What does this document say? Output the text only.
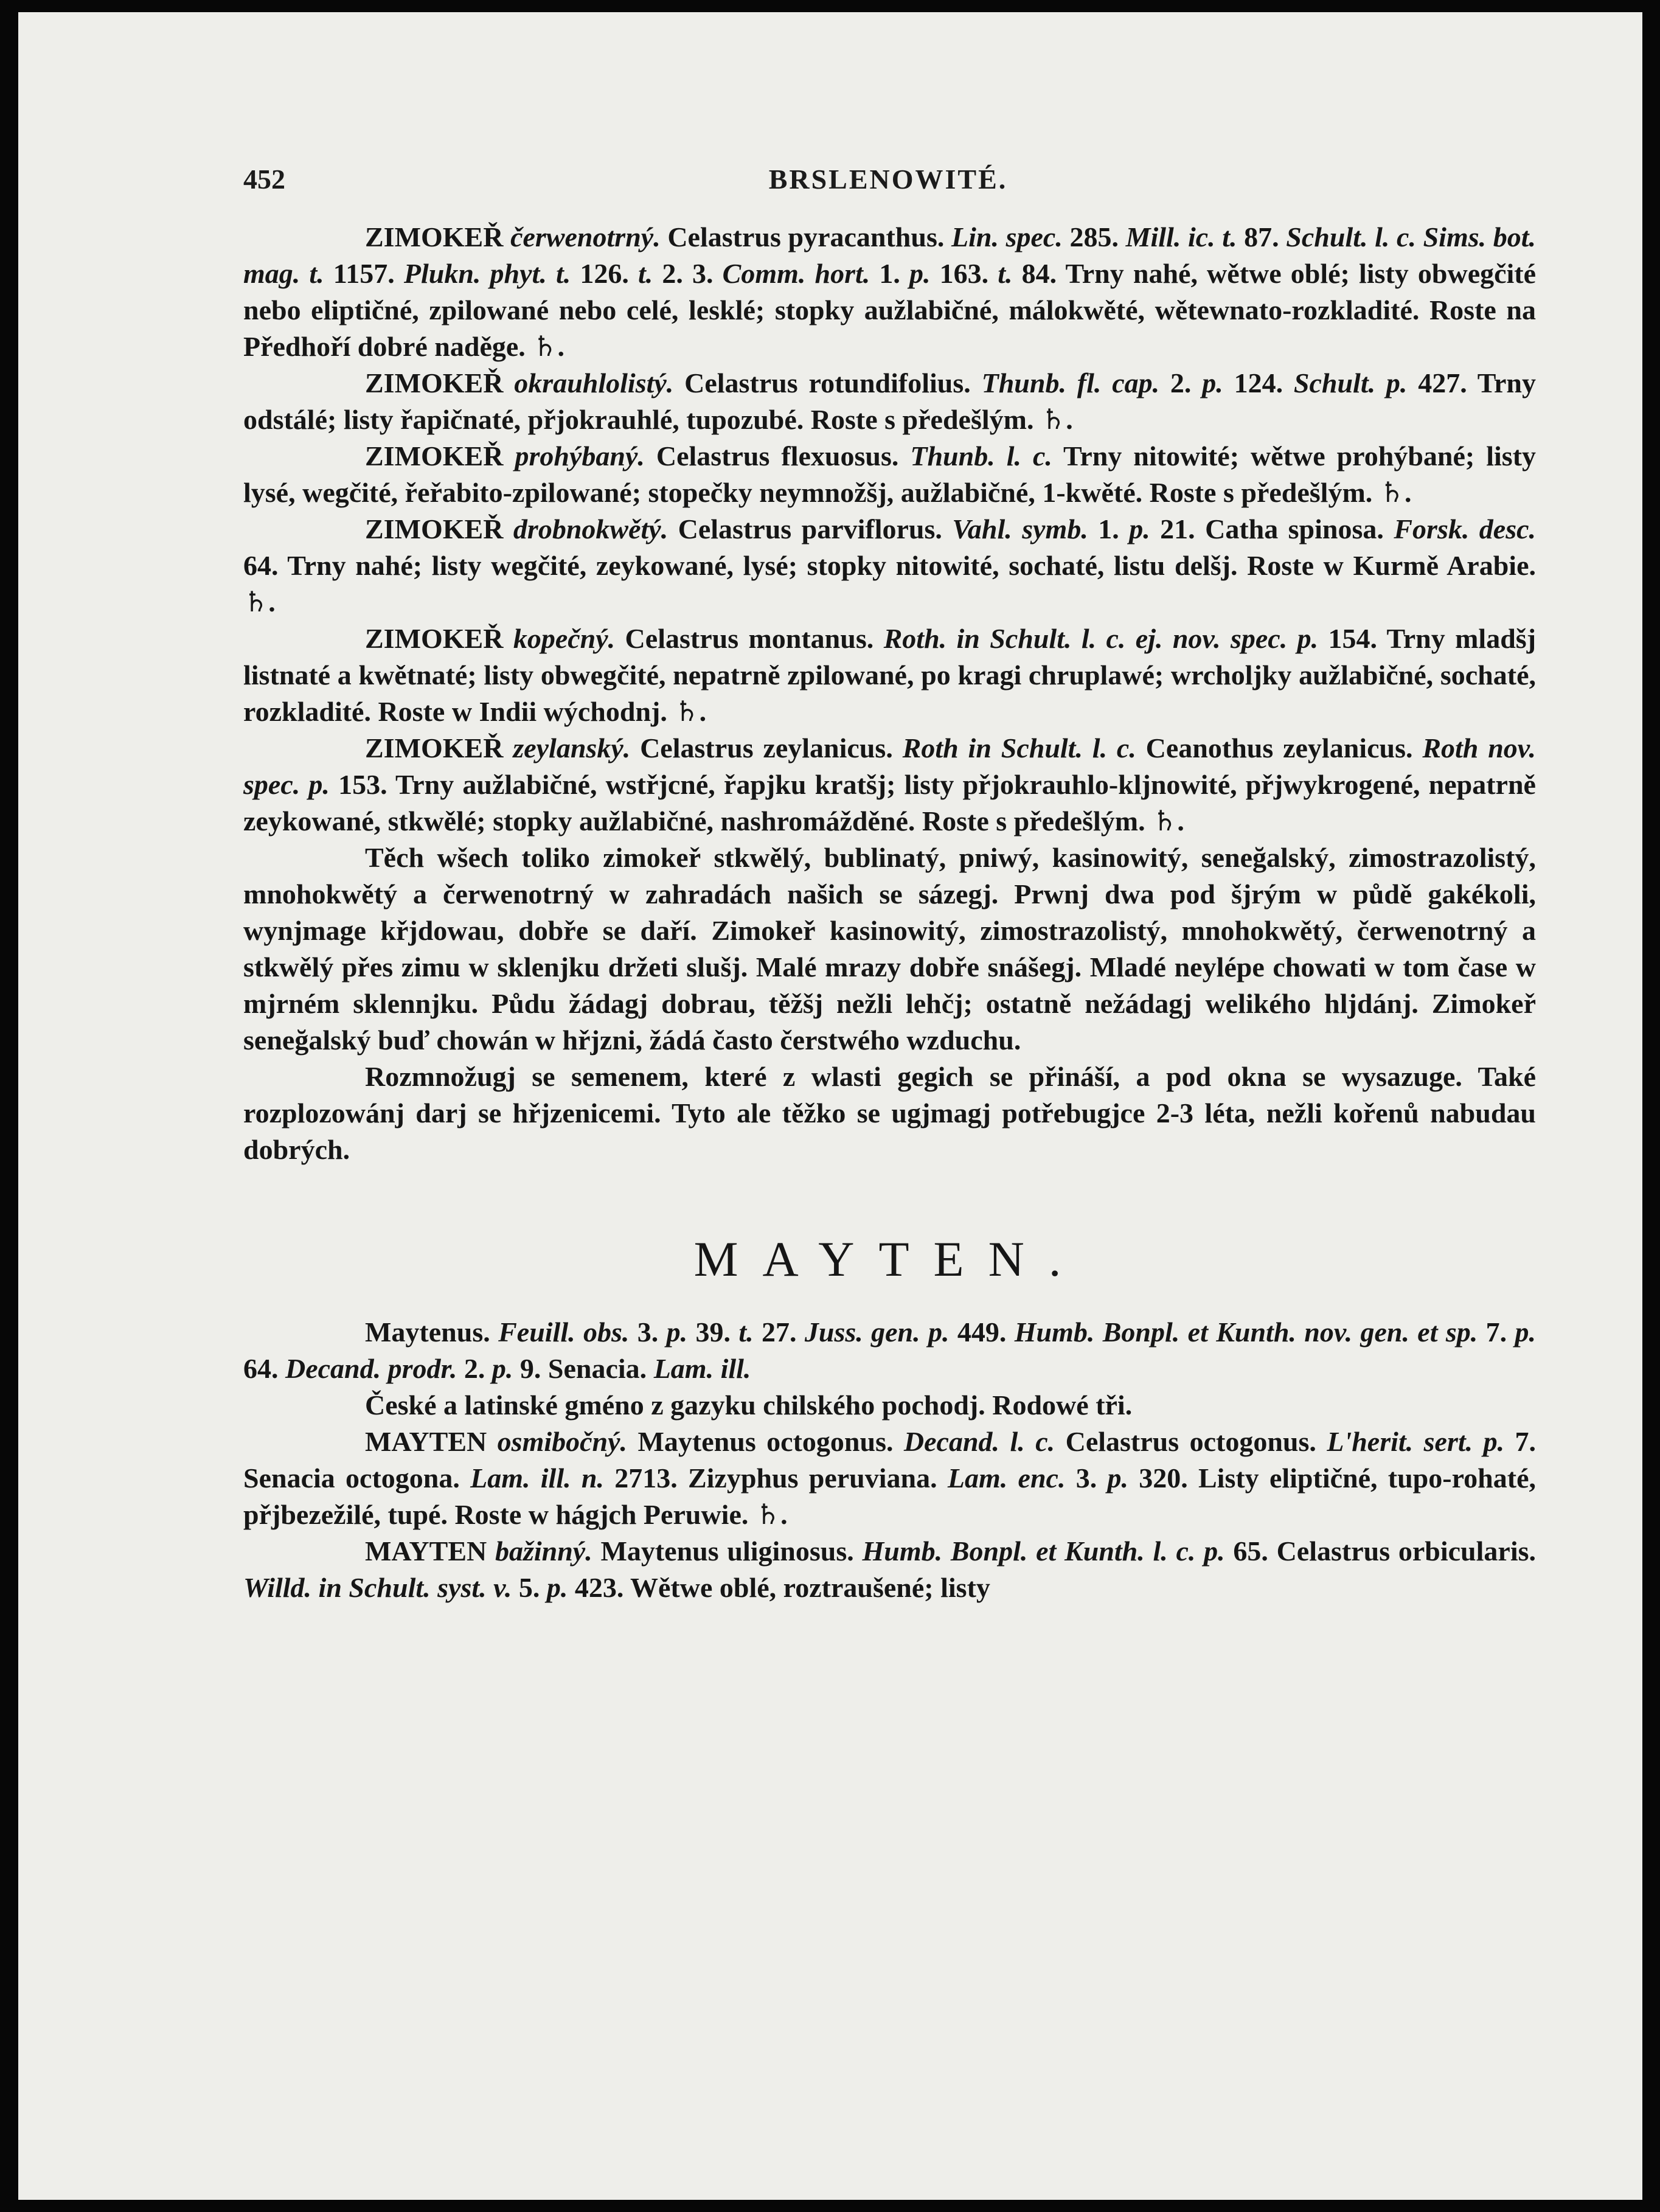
452	BRSLENOWITÉ.

ZIMOKEŘ čerwenotrný. Celastrus pyracanthus. Lin. spec. 285. Mill. ic. t. 87. Schult. l. c. Sims. bot. mag. t. 1157. Plukn. phyt. t. 126. t. 2. 3. Comm. hort. 1. p. 163. t. 84. Trny nahé, wětwe oblé; listy obwegčité nebo eliptičné, zpilowané nebo celé, lesklé; stopky aužlabičné, málokwěté, wětewnato-rozkladité. Roste na Předhoří dobré naděge. ♄.

ZIMOKEŘ okrauhlolistý. Celastrus rotundifolius. Thunb. fl. cap. 2. p. 124. Schult. p. 427. Trny odstálé; listy řapičnaté, přjokrauhlé, tupozubé. Roste s předešlým. ♄.

ZIMOKEŘ prohýbaný. Celastrus flexuosus. Thunb. l. c. Trny nitowité; wětwe prohýbané; listy lysé, wegčité, řeřabito-zpilowané; stopečky neymnožšj, aužlabičné, 1-kwěté. Roste s předešlým. ♄.

ZIMOKEŘ drobnokwětý. Celastrus parviflorus. Vahl. symb. 1. p. 21. Catha spinosa. Forsk. desc. 64. Trny nahé; listy wegčité, zeykowané, lysé; stopky nitowité, sochaté, listu delšj. Roste w Kurmě Arabie. ♄.

ZIMOKEŘ kopečný. Celastrus montanus. Roth. in Schult. l. c. ej. nov. spec. p. 154. Trny mladšj listnaté a kwětnaté; listy obwegčité, nepatrně zpilowané, po kragi chruplawé; wrcholjky aužlabičné, sochaté, rozkladité. Roste w Indii wýchodnj. ♄.

ZIMOKEŘ zeylanský. Celastrus zeylanicus. Roth in Schult. l. c. Ceanothus zeylanicus. Roth nov. spec. p. 153. Trny aužlabičné, wstřjcné, řapjku kratšj; listy přjokrauhlo-kljnowité, přjwykrogené, nepatrně zeykowané, stkwělé; stopky aužlabičné, nashromážděné. Roste s předešlým. ♄.

Těch wšech toliko zimokeř stkwělý, bublinatý, pniwý, kasinowitý, seneğalský, zimostrazolistý, mnohokwětý a čerwenotrný w zahradách našich se sázegj. Prwnj dwa pod šjrým w půdě gakékoli, wynjmage křjdowau, dobře se daří. Zimokeř kasinowitý, zimostrazolistý, mnohokwětý, čerwenotrný a stkwělý přes zimu w sklenjku držeti slušj. Malé mrazy dobře snášegj. Mladé neylépe chowati w tom čase w mjrném sklennjku. Půdu žádagj dobrau, těžšj nežli lehčj; ostatně nežádagj welikého hljdánj. Zimokeř seneğalský buď chowán w hřjzni, žádá často čerstwého wzduchu.

Rozmnožugj se semenem, které z wlasti gegich se přináší, a pod okna se wysazuge. Také rozplozowánj darj se hřjzenicemi. Tyto ale těžko se ugjmagj potřebugjce 2-3 léta, nežli kořenů nabudau dobrých.

MAYTEN.

Maytenus. Feuill. obs. 3. p. 39. t. 27. Juss. gen. p. 449. Humb. Bonpl. et Kunth. nov. gen. et sp. 7. p. 64. Decand. prodr. 2. p. 9. Senacia. Lam. ill.

České a latinské gméno z gazyku chilského pochodj. Rodowé tři.

MAYTEN osmibočný. Maytenus octogonus. Decand. l. c. Celastrus octogonus. L'herit. sert. p. 7. Senacia octogona. Lam. ill. n. 2713. Zizyphus peruviana. Lam. enc. 3. p. 320. Listy eliptičné, tupo-rohaté, přjbezežilé, tupé. Roste w hágjch Peruwie. ♄.

MAYTEN bažinný. Maytenus uliginosus. Humb. Bonpl. et Kunth. l. c. p. 65. Celastrus orbicularis. Willd. in Schult. syst. v. 5. p. 423. Wětwe oblé, roztraušené; listy
